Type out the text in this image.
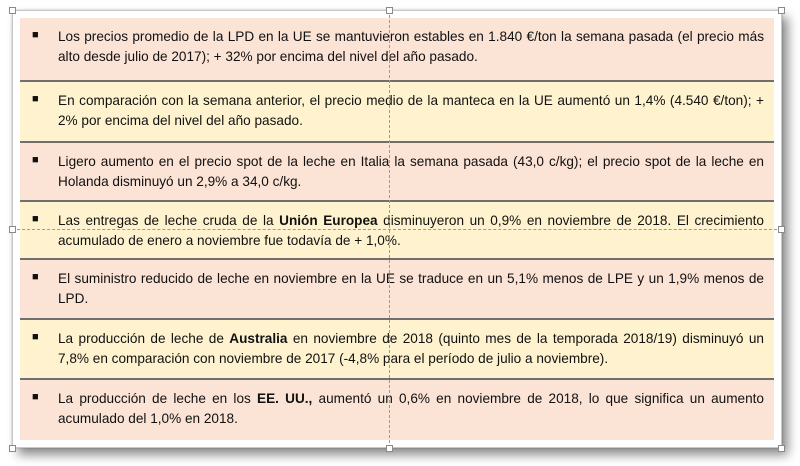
■ Los precios promedio de la LPD en la UE se mantuvieron estables en 1.840 €/ton la semana pasada (el precio más alto desde julio de 2017); + 32% por encima del nivel del año pasado.
■ En comparación con la semana anterior, el precio medio de la manteca en la UE aumentó un 1,4% (4.540 €/ton); + 2% por encima del nivel del año pasado.
■ Ligero aumento en el precio spot de la leche en Italia la semana pasada (43,0 c/kg); el precio spot de la leche en Holanda disminuyó un 2,9% a 34,0 c/kg.
■ Las entregas de leche cruda de la Unión Europea disminuyeron un 0,9% en noviembre de 2018. El crecimiento acumulado de enero a noviembre fue todavía de + 1,0%.
■ El suministro reducido de leche en noviembre en la UE se traduce en un 5,1% menos de LPE y un 1,9% menos de LPD.
■ La producción de leche de Australia en noviembre de 2018 (quinto mes de la temporada 2018/19) disminuyó un 7,8% en comparación con noviembre de 2017 (-4,8% para el período de julio a noviembre).
■ La producción de leche en los EE. UU., aumentó un 0,6% en noviembre de 2018, lo que significa un aumento acumulado del 1,0% en 2018.
